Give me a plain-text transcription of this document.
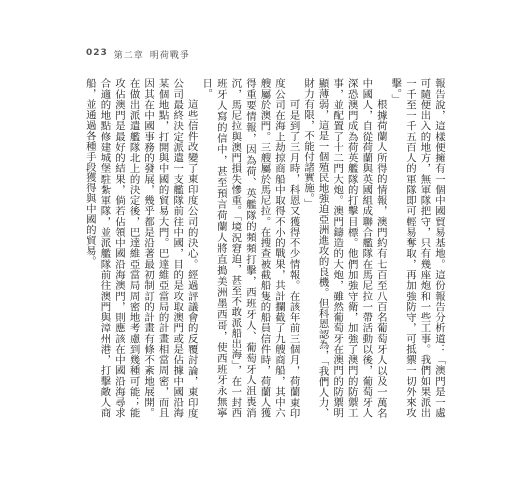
023 第二章 明荷戰爭

報告說，這樣便擁有一個中國貿易基地。這份報告分析道：「澳門是一處可隨便出入的地方，無軍隊把守，只有幾座炮和一些工事。我們如果派出一千至一千五百人的軍隊即可輕易奪取，再加強防守，可抵禦一切外來攻擊。」

根據荷蘭人所得的情報，澳門約有七百至八百名葡萄牙人以及一萬名中國人，自從荷蘭與英國組成聯合艦隊在馬尼拉一帶活動以後，葡萄牙人深恐澳門成為荷英艦隊的打擊目標。他們加強守衛，加強了澳門的防禦工事，並配置了十二門大炮。澳門鑄造的大炮，雖然葡萄牙在澳門的防禦明顯薄弱，這是一個殖民地強迫亞洲進攻的良機。但科恩認為，「我們人力、財力有限，不能付諸實施。」

可是到了三月時，科恩又獲得不少情報。在該年前三個月，荷蘭東印度公司在海上劫掠商船中取得不小的戰果，共計攔截了九艘商船，其中六艘屬於澳門。三艘屬於馬尼拉。在搜查被截船隻的船員信件時，荷蘭人獲得重要情報，因為荷、英艦隊的頻頻打擊，西班牙人、葡萄牙人沮喪消沉，馬尼拉與澳門損失慘重。「境況窘迫，甚至不敢派船出海」，在一封西班牙人寫的信中，甚至預言荷蘭人將直搗美洲墨西哥，使西班牙永無寧日。

這些信件改變了東印度公司的決心。經過評議會的反覆討論，東印度公司最終決定派遣一支艦隊前往中國，目的是攻取澳門或是佔據中國沿海某個地點，打開與中國的貿易大門。巴達維亞當局的計畫相當周密，而且因其在中國事務的發展，幾乎都是沿著最初制訂的計畫有條不紊地展開。在做出派遣艦隊北上的決定後，巴達維亞當局周密地考慮到幾種可能；能攻佔澳門是最好的結果，倘若佔領中國沿海澳門，則應該在中國沿海尋求合適的地點修建城堡駐紮軍隊，並派艦隊前往澳門與漳州港，打擊敵人商船，並通過各種手段獲得與中國的貿易。
